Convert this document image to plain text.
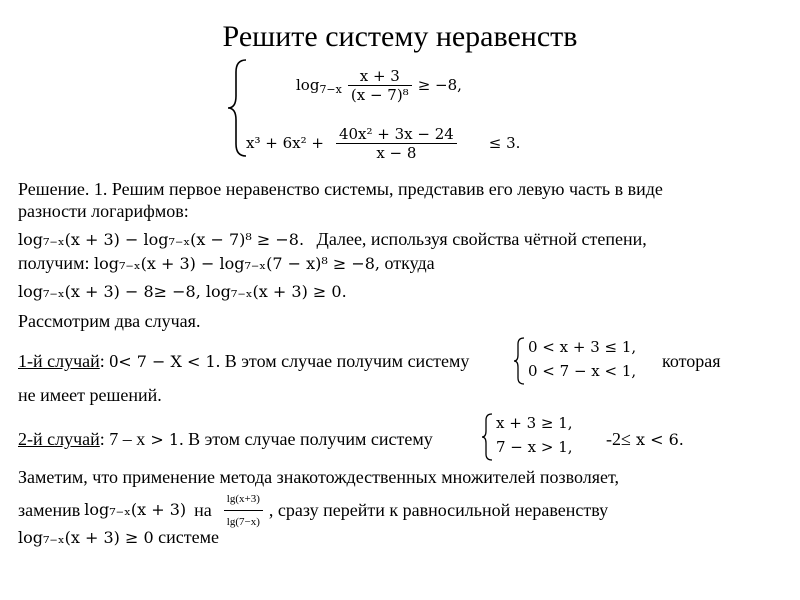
Решите систему неравенств
$\log_{7-x} \frac{x + 3}{\text{(x − 7)⁸}} \ge -8$,
$x^3 + 6x^2 + \frac{\text{40x² + 3x − 24}}{x - 8} \le 3$.
Решение. 1. Решим первое неравенство системы, представив его левую часть в виде
разности логарифмов:
log₇₋ₓ(x + 3) − log₇₋ₓ(x − 7)⁸ ≥ −8. Далее, используя свойства чётной степени,
получим: log₇₋ₓ(x + 3) − log₇₋ₓ(7 − x)⁸ ≥ −8, откуда
log₇₋ₓ(x + 3) − 8≥ −8, log₇₋ₓ(x + 3) ≥ 0.
Рассмотрим два случая.
1-й случай: 0< 7 − X < 1. В этом случае получим систему
0 < x + 3 ≤ 1,
0 < 7 − x < 1, которая
не имеет решений.
2-й случай: 7 – x > 1. В этом случае получим систему
x + 3 ≥ 1,
7 − x > 1, -2≤ x < 6.
Заметим, что применение метода знакотождественных множителей позволяет,
заменив log₇₋ₓ(x + 3) на $\frac{\lg(x+3)}{\lg(7-x)}$ , сразу перейти к равносильной неравенству
log₇₋ₓ(x + 3) ≥ 0 системе
